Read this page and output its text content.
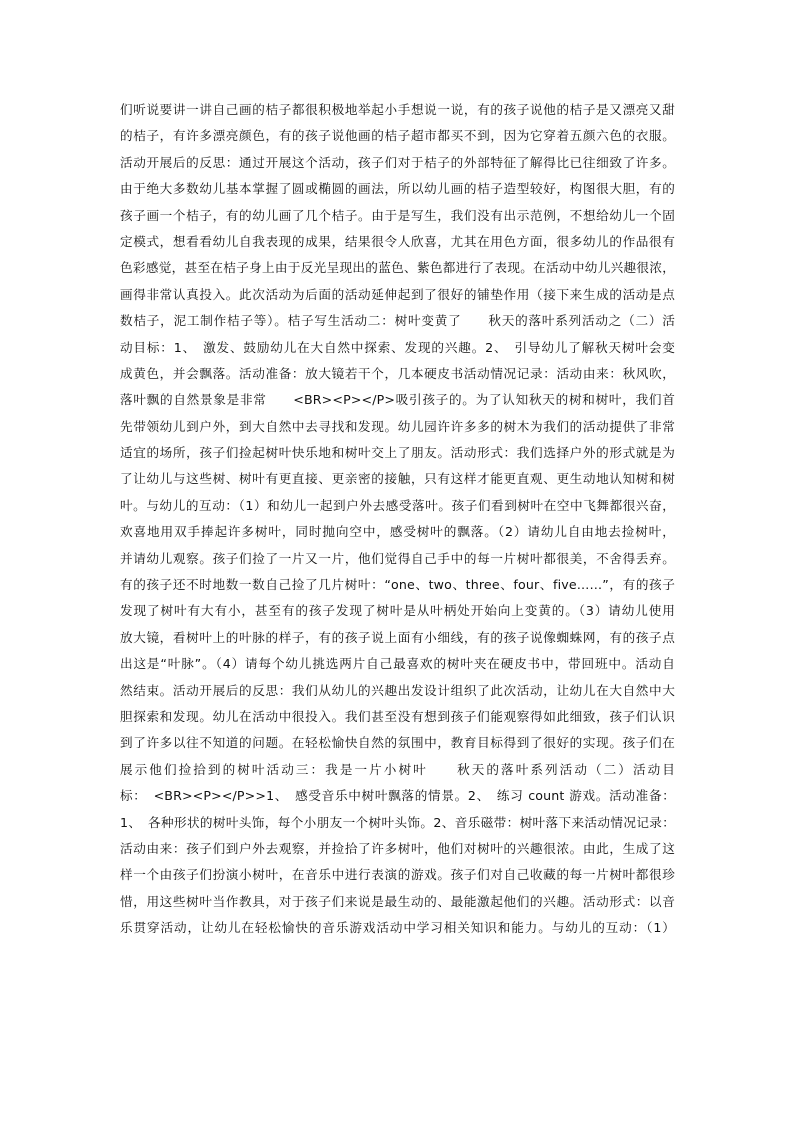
们听说要讲一讲自己画的桔子都很积极地举起小手想说一说，有的孩子说他的桔子是又漂亮又甜
的桔子，有许多漂亮颜色，有的孩子说他画的桔子超市都买不到，因为它穿着五颜六色的衣服。
活动开展后的反思：通过开展这个活动，孩子们对于桔子的外部特征了解得比已往细致了许多。
由于绝大多数幼儿基本掌握了圆或椭圆的画法，所以幼儿画的桔子造型较好，构图很大胆，有的
孩子画一个桔子，有的幼儿画了几个桔子。由于是写生，我们没有出示范例，不想给幼儿一个固
定模式，想看看幼儿自我表现的成果，结果很令人欣喜，尤其在用色方面，很多幼儿的作品很有
色彩感觉，甚至在桔子身上由于反光呈现出的蓝色、紫色都进行了表现。在活动中幼儿兴趣很浓，
画得非常认真投入。此次活动为后面的活动延伸起到了很好的铺垫作用（接下来生成的活动是点
数桔子，泥工制作桔子等）。桔子写生活动二：树叶变黄了　　秋天的落叶系列活动之（二）活
动目标：1、　激发、鼓励幼儿在大自然中探索、发现的兴趣。2、　引导幼儿了解秋天树叶会变
成黄色，并会飘落。活动准备：放大镜若干个，几本硬皮书活动情况记录：活动由来：秋风吹，
落叶飘的自然景象是非常　　<BR><P></P>吸引孩子的。为了认知秋天的树和树叶，我们首
先带领幼儿到户外，到大自然中去寻找和发现。幼儿园许许多多的树木为我们的活动提供了非常
适宜的场所，孩子们捡起树叶快乐地和树叶交上了朋友。活动形式：我们选择户外的形式就是为
了让幼儿与这些树、树叶有更直接、更亲密的接触，只有这样才能更直观、更生动地认知树和树
叶。与幼儿的互动：（1）和幼儿一起到户外去感受落叶。孩子们看到树叶在空中飞舞都很兴奋，
欢喜地用双手捧起许多树叶，同时抛向空中，感受树叶的飘落。（2）请幼儿自由地去捡树叶，
并请幼儿观察。孩子们捡了一片又一片，他们觉得自己手中的每一片树叶都很美，不舍得丢弃。
有的孩子还不时地数一数自己捡了几片树叶：“one、two、three、four、five……”，有的孩子
发现了树叶有大有小，甚至有的孩子发现了树叶是从叶柄处开始向上变黄的。（3）请幼儿使用
放大镜，看树叶上的叶脉的样子，有的孩子说上面有小细线，有的孩子说像蜘蛛网，有的孩子点
出这是“叶脉”。（4）请每个幼儿挑选两片自己最喜欢的树叶夹在硬皮书中，带回班中。活动自
然结束。活动开展后的反思：我们从幼儿的兴趣出发设计组织了此次活动，让幼儿在大自然中大
胆探索和发现。幼儿在活动中很投入。我们甚至没有想到孩子们能观察得如此细致，孩子们认识
到了许多以往不知道的问题。在轻松愉快自然的氛围中，教育目标得到了很好的实现。孩子们在
展示他们捡拾到的树叶活动三：我是一片小树叶　　秋天的落叶系列活动（二）活动目
标：　<BR><P></P>>1、　感受音乐中树叶飘落的情景。2、　练习 count 游戏。活动准备：
1、　各种形状的树叶头饰，每个小朋友一个树叶头饰。2、音乐磁带：树叶落下来活动情况记录：
活动由来：孩子们到户外去观察，并捡拾了许多树叶，他们对树叶的兴趣很浓。由此，生成了这
样一个由孩子们扮演小树叶，在音乐中进行表演的游戏。孩子们对自己收藏的每一片树叶都很珍
惜，用这些树叶当作教具，对于孩子们来说是最生动的、最能激起他们的兴趣。活动形式：以音
乐贯穿活动，让幼儿在轻松愉快的音乐游戏活动中学习相关知识和能力。与幼儿的互动：（1）
